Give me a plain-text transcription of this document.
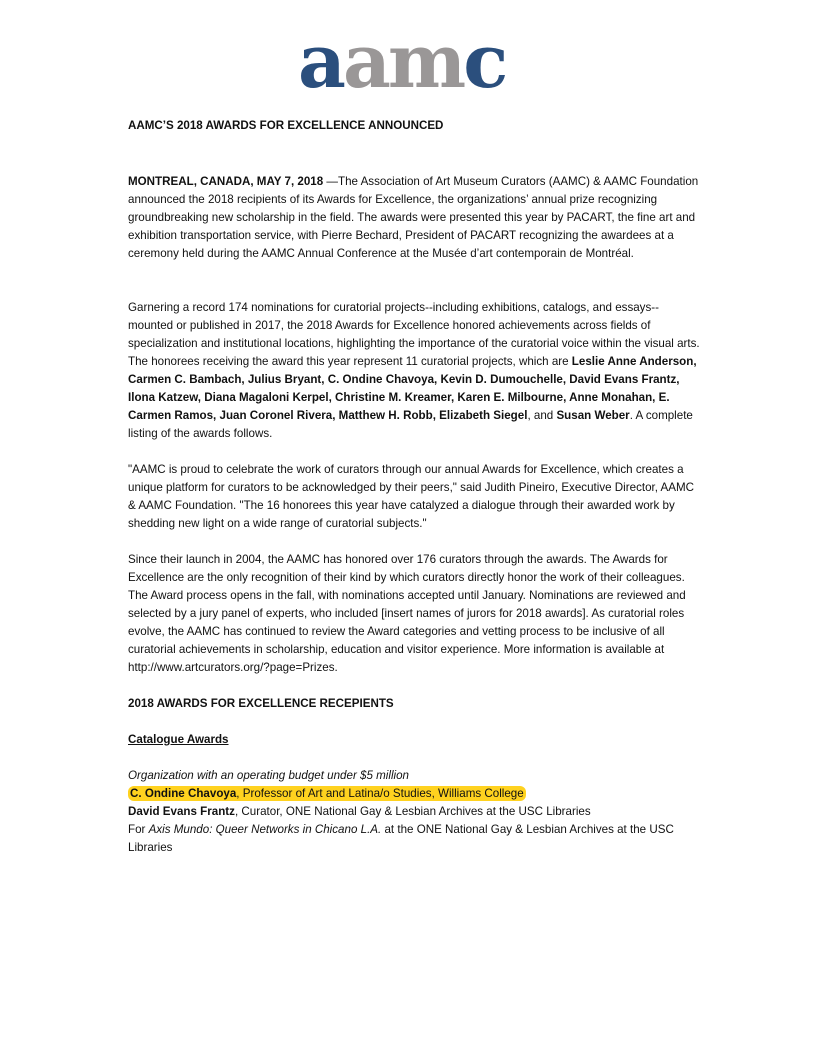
aamc
AAMC’S 2018 AWARDS FOR EXCELLENCE ANNOUNCED
MONTREAL, CANADA, MAY 7, 2018 —The Association of Art Museum Curators (AAMC) & AAMC Foundation announced the 2018 recipients of its Awards for Excellence, the organizations’ annual prize recognizing groundbreaking new scholarship in the field. The awards were presented this year by PACART, the fine art and exhibition transportation service, with Pierre Bechard, President of PACART recognizing the awardees at a ceremony held during the AAMC Annual Conference at the Musée d’art contemporain de Montréal.
Garnering a record 174 nominations for curatorial projects--including exhibitions, catalogs, and essays--mounted or published in 2017, the 2018 Awards for Excellence honored achievements across fields of specialization and institutional locations, highlighting the importance of the curatorial voice within the visual arts. The honorees receiving the award this year represent 11 curatorial projects, which are Leslie Anne Anderson, Carmen C. Bambach, Julius Bryant, C. Ondine Chavoya, Kevin D. Dumouchelle, David Evans Frantz, Ilona Katzew, Diana Magaloni Kerpel, Christine M. Kreamer, Karen E. Milbourne, Anne Monahan, E. Carmen Ramos, Juan Coronel Rivera, Matthew H. Robb, Elizabeth Siegel, and Susan Weber. A complete listing of the awards follows.
"AAMC is proud to celebrate the work of curators through our annual Awards for Excellence, which creates a unique platform for curators to be acknowledged by their peers," said Judith Pineiro, Executive Director, AAMC & AAMC Foundation. "The 16 honorees this year have catalyzed a dialogue through their awarded work by shedding new light on a wide range of curatorial subjects."
Since their launch in 2004, the AAMC has honored over 176 curators through the awards. The Awards for Excellence are the only recognition of their kind by which curators directly honor the work of their colleagues. The Award process opens in the fall, with nominations accepted until January. Nominations are reviewed and selected by a jury panel of experts, who included [insert names of jurors for 2018 awards]. As curatorial roles evolve, the AAMC has continued to review the Award categories and vetting process to be inclusive of all curatorial achievements in scholarship, education and visitor experience. More information is available at http://www.artcurators.org/?page=Prizes.
2018 AWARDS FOR EXCELLENCE RECEPIENTS
Catalogue Awards
Organization with an operating budget under $5 million
C. Ondine Chavoya, Professor of Art and Latina/o Studies, Williams College
David Evans Frantz, Curator, ONE National Gay & Lesbian Archives at the USC Libraries
For Axis Mundo: Queer Networks in Chicano L.A. at the ONE National Gay & Lesbian Archives at the USC Libraries
